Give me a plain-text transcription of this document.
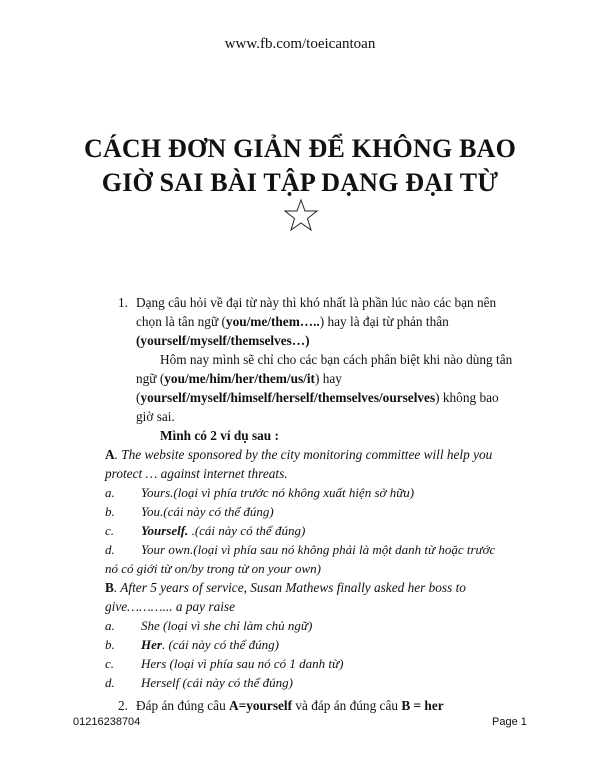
www.fb.com/toeicantoan
CÁCH ĐƠN GIẢN ĐỂ KHÔNG BAO
GIỜ SAI BÀI TẬP DẠNG ĐẠI TỪ
1. Dạng câu hỏi về đại từ này thì khó nhất là phần lúc nào các bạn nên
chọn là tân ngữ (you/me/them…..) hay là đại từ phản thân
(yourself/myself/themselves…)
Hôm nay mình sẽ chỉ cho các bạn cách phân biệt khi nào dùng tân
ngữ (you/me/him/her/them/us/it) hay
(yourself/myself/himself/herself/themselves/ourselves) không bao
giờ sai.
Mình có 2 ví dụ sau :
A. The website sponsored by the city monitoring committee will help you
protect … against internet threats.
a. Yours.(loại vì phía trước nó không xuất hiện sở hữu)
b. You.(cái này có thể đúng)
c. Yourself. .(cái này có thể đúng)
d. Your own.(loại vì phía sau nó không phải là một danh từ hoặc trước
nó có giới từ on/by trong từ on your own)
B. After 5 years of service, Susan Mathews finally asked her boss to
give………... a pay raise
a. She (loại vì she chỉ làm chủ ngữ)
b. Her. (cái này có thể đúng)
c. Hers (loại vì phía sau nó có 1 danh từ)
d. Herself (cái này có thể đúng)
2. Đáp án đúng câu A=yourself và đáp án đúng câu B = her
01216238704	Page 1
